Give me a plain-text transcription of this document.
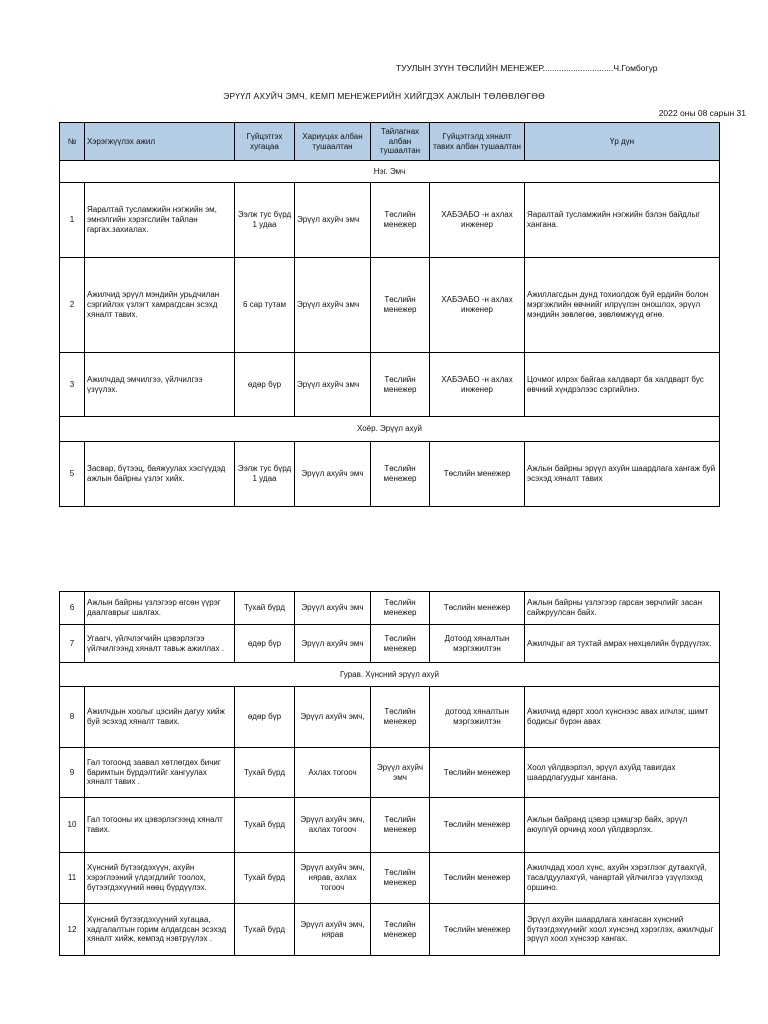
ТУУЛЫН ЗҮҮН ТӨСЛИЙН МЕНЕЖЕР..............................Ч.Гомбогур
ЭРҮҮЛ АХУЙЧ ЭМЧ, КЕМП МЕНЕЖЕРИЙН ХИЙГДЭХ АЖЛЫН ТӨЛӨВЛӨГӨӨ
2022 оны 08 сарын 31
№	Хэрэгжүүлэх ажил	Гүйцэтгэх хугацаа	Хариуцах албан тушаалтан	Тайлагнах албан тушаалтан	Гүйцэтгэлд хяналт тавих албан тушаалтан	Үр дүн
Нэг. Эмч						
1	Яаралтай тусламжийн нэгжийн эм, эмнэлгийн хэрэгслийн тайлан гаргах.захиалах.	Ээлж тус бүрд 1 удаа	Эрүүл ахуйч эмч	Төслийн менежер	ХАБЭАБО -н ахлах инженер	Яаралтай тусламжийн нэгжийн бэлэн байдлыг хангана.
2	Ажилчид эрүүл мэндийн урьдчилан сэргийлэх үзлэгт хамрагдсан эсэхд хяналт тавих.	6 сар тутам	Эрүүл ахуйч эмч	Төслийн менежер	ХАБЭАБО -н ахлах инженер	Ажиллагсдын дунд тохиолдож буй ердийн болон мэргэжлийн өвчнийг илрүүлэн оношлох, эрүүл мэндийн зөвлөгөө, зөвлөмжүүд өгнө.
3	Ажилчдад эмчилгээ, үйлчилгээ үзүүлэх.	өдөр бүр	Эрүүл ахуйч эмч	Төслийн менежер	ХАБЭАБО -н ахлах инженер	Цочмог илрэх байгаа халдварт ба халдварт бус өвчний хүндрэлээс сэргийлнэ.
Хоёр. Эрүүл ахуй						
5	Засвар, бүтээц, баяжуулах хэсгүүдэд ажлын байрны үзлэг хийх.	Ээлж тус бүрд 1 удаа	Эрүүл ахуйч эмч	Төслийн менежер	Төслийн менежер	Ажлын байрны эрүүл ахуйн шаардлага хангаж буй эсэхэд хяналт тавих
6	Ажлын байрны үзлэгээр өгсөн үүрэг даалгаврыг шалгах.	Тухай бүрд	Эрүүл ахуйч эмч	Төслийн менежер	Төслийн менежер	Ажлын байрны үзлэгээр гарсан зөрчлийг засан сайжруулсан байх.
7	Угаагч, үйлчлэгчийн цэвэрлэгээ үйлчилгээнд хяналт тавьж ажиллах .	өдөр бүр	Эрүүл ахуйч эмч	Төслийн менежер	Дотоод хяналтын мэргэжилтэн	Ажилчдыг ая тухтай амрах нөхцөлийн бүрдүүлэх.
Гурав. Хүнсний эрүүл ахуй						
8	Ажилчдын хоолыг цэсийн дагуу хийж буй эсэхэд хяналт тавих.	өдөр бүр	Эрүүл ахуйч эмч,	Төслийн менежер	дотоод хяналтын мэргэжилтэн	Ажилчид өдөрт хоол хүнснээс авах илчлэг, шимт бодисыг бүрэн авах
9	Гал тогоонд заавал хөтлөгдөх бичиг баримтын бүрдэлтийг хангуулах хяналт тавих .	Тухай бүрд	Ахлах тогооч	Эрүүл ахуйч эмч	Төслийн менежер	Хоол үйлдвэрлэл, эрүүл ахуйд тавигдах шаардлагуудыг хангана.
10	Гал тогооны их цэвэрлэгээнд хяналт тавих.	Тухай бүрд	Эрүүл ахуйч эмч, ахлах тогооч	Төслийн менежер	Төслийн менежер	Ажлын байранд цэвэр цэмцгэр байх, эрүүл аюулгүй орчинд хоол үйлдвэрлэх.
11	Хүнсний бүтээгдэхүүн, ахуйн хэрэглээний үлдэгдлийг тоолох, бүтээгдэхүүний нөөц бүрдүүлэх.	Тухай бүрд	Эрүүл ахуйч эмч, нярав, ахлах тогооч	Төслийн менежер	Төслийн менежер	Ажилчдад хоол хүнс, ахуйн хэрэглээг дутаахгүй, тасалдуулахгүй, чанартай үйлчилгээ үзүүлэхэд оршино.
12	Хүнсний бүтээгдэхүүний хугацаа, хадгалалтын горим алдагдсан эсэхэд хяналт хийж, кемпэд нэвтрүүлэх .	Тухай бүрд	Эрүүл ахуйч эмч, нярав	Төслийн менежер	Төслийн менежер	Эрүүл ахуйн шаардлага хангасан хүнсний бүтээгдэхүүнийг хоол хүнсэнд хэрэглэх, ажилчдыг эрүүл хоол хүнсээр хангах.
